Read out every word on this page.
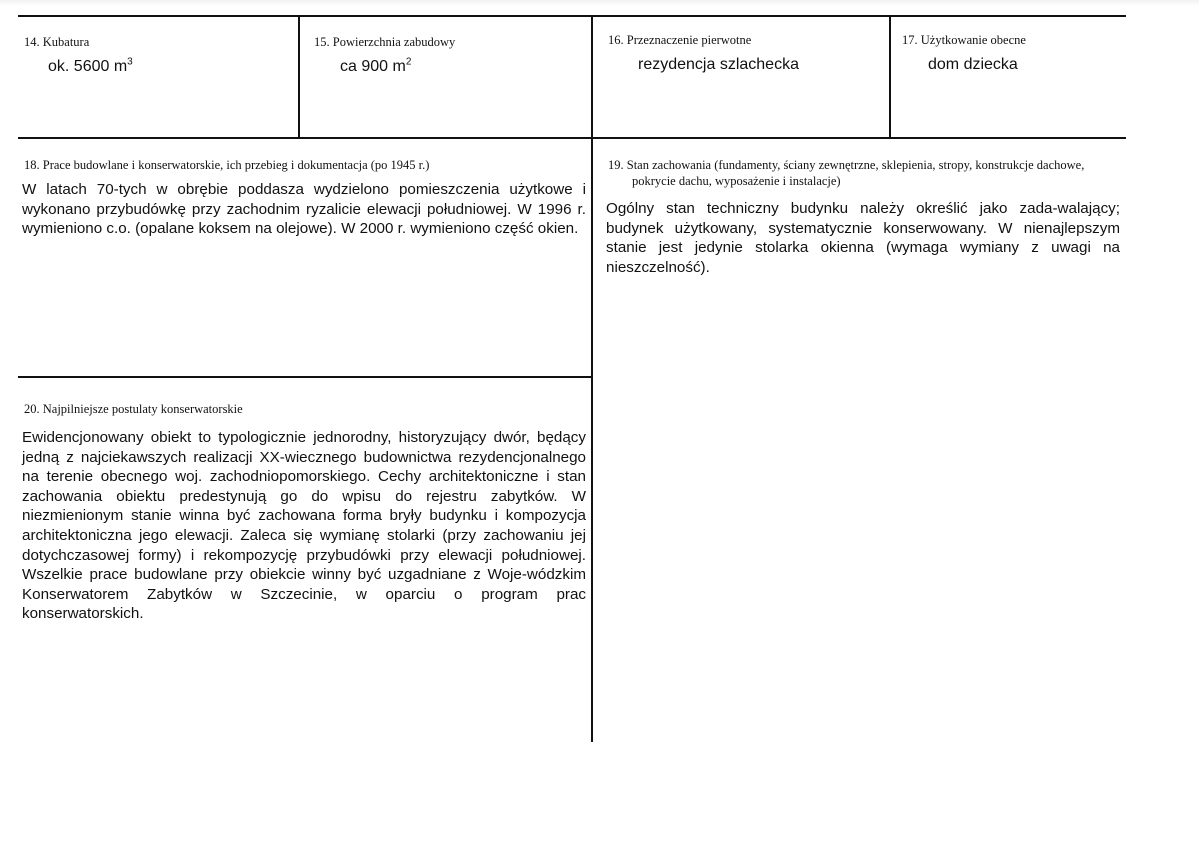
14. Kubatura

ok. 5600 $m^3$

15. Powierzchnia zabudowy

ca 900 $m^2$

16. Przeznaczenie pierwotne

rezydencja szlachecka

17. Użytkowanie obecne

dom dziecka

18. Prace budowlane i konserwatorskie, ich przebieg i dokumentacja (po 1945 r.)

W latach 70-tych w obrębie poddasza wydzielono pomieszczenia użytkowe i wykonano przybudówkę przy zachodnim ryzalicie elewacji południowej. W 1996 r. wymieniono c.o. (opalane koksem na olejowe). W 2000 r. wymieniono część okien.

19. Stan zachowania (fundamenty, ściany zewnętrzne, sklepienia, stropy, konstrukcje dachowe, pokrycie dachu, wyposażenie i instalacje)

Ogólny stan techniczny budynku należy określić jako zada-walający; budynek użytkowany, systematycznie konserwowany. W nienajlepszym stanie jest jedynie stolarka okienna (wymaga wymiany z uwagi na nieszczelność).

20. Najpilniejsze postulaty konserwatorskie

Ewidencjonowany obiekt to typologicznie jednorodny, historyzujący dwór, będący jedną z najciekawszych realizacji XX-wiecznego budownictwa rezydencjonalnego na terenie obecnego woj. zachodniopomorskiego. Cechy architektoniczne i stan zachowania obiektu predestynują go do wpisu do rejestru zabytków. W niezmienionym stanie winna być zachowana forma bryły budynku i kompozycja architektoniczna jego elewacji. Zaleca się wymianę stolarki (przy zachowaniu jej dotychczasowej formy) i rekompozycję przybudówki przy elewacji południowej. Wszelkie prace budowlane przy obiekcie winny być uzgadniane z Woje-wódzkim Konserwatorem Zabytków w Szczecinie, w oparciu o program prac konserwatorskich.
